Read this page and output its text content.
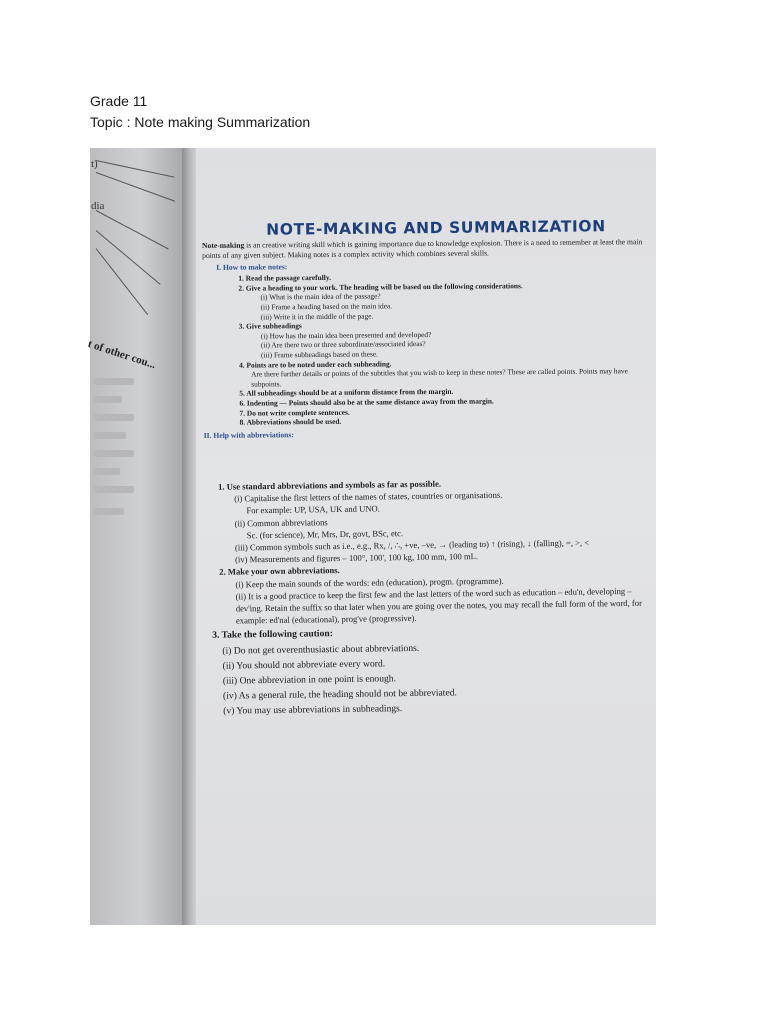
Grade 11
Topic : Note making Summarization
t)
dia
t of other cou...
NOTE-MAKING AND SUMMARIZATION
Note-making is an creative writing skill which is gaining importance due to knowledge explosion. There is a need to remember at least the main points of any given subject. Making notes is a complex activity which combines several skills.
I. How to make notes:
1. Read the passage carefully.
2. Give a heading to your work. The heading will be based on the following considerations.
(i) What is the main idea of the passage?
(ii) Frame a heading based on the main idea.
(iii) Write it in the middle of the page.
3. Give subheadings
(i) How has the main idea been presented and developed?
(ii) Are there two or three subordinate/associated ideas?
(iii) Frame subheadings based on these.
4. Points are to be noted under each subheading.
Are there further details or points of the subtitles that you wish to keep in these notes? These are called points. Points may have subpoints.
5. All subheadings should be at a uniform distance from the margin.
6. Indenting — Points should also be at the same distance away from the margin.
7. Do not write complete sentences.
8. Abbreviations should be used.
II. Help with abbreviations:
1. Use standard abbreviations and symbols as far as possible.
(i) Capitalise the first letters of the names of states, countries or organisations.
For example: UP, USA, UK and UNO.
(ii) Common abbreviations
Sc. (for science), Mr, Mrs, Dr, govt, BSc, etc.
(iii) Common symbols such as i.e., e.g., Rx, /, ∴, +ve, –ve, → (leading to) ↑ (rising), ↓ (falling), =, >, <
(iv) Measurements and figures – 100°, 100', 100 kg, 100 mm, 100 mL.
2. Make your own abbreviations.
(i) Keep the main sounds of the words: edn (education), progm. (programme).
(ii) It is a good practice to keep the first few and the last letters of the word such as education – edu'n, developing – dev'ing. Retain the suffix so that later when you are going over the notes, you may recall the full form of the word, for example: ed'nal (educational), prog've (progressive).
3. Take the following caution:
(i) Do not get overenthusiastic about abbreviations.
(ii) You should not abbreviate every word.
(iii) One abbreviation in one point is enough.
(iv) As a general rule, the heading should not be abbreviated.
(v) You may use abbreviations in subheadings.
Galaxy S23
